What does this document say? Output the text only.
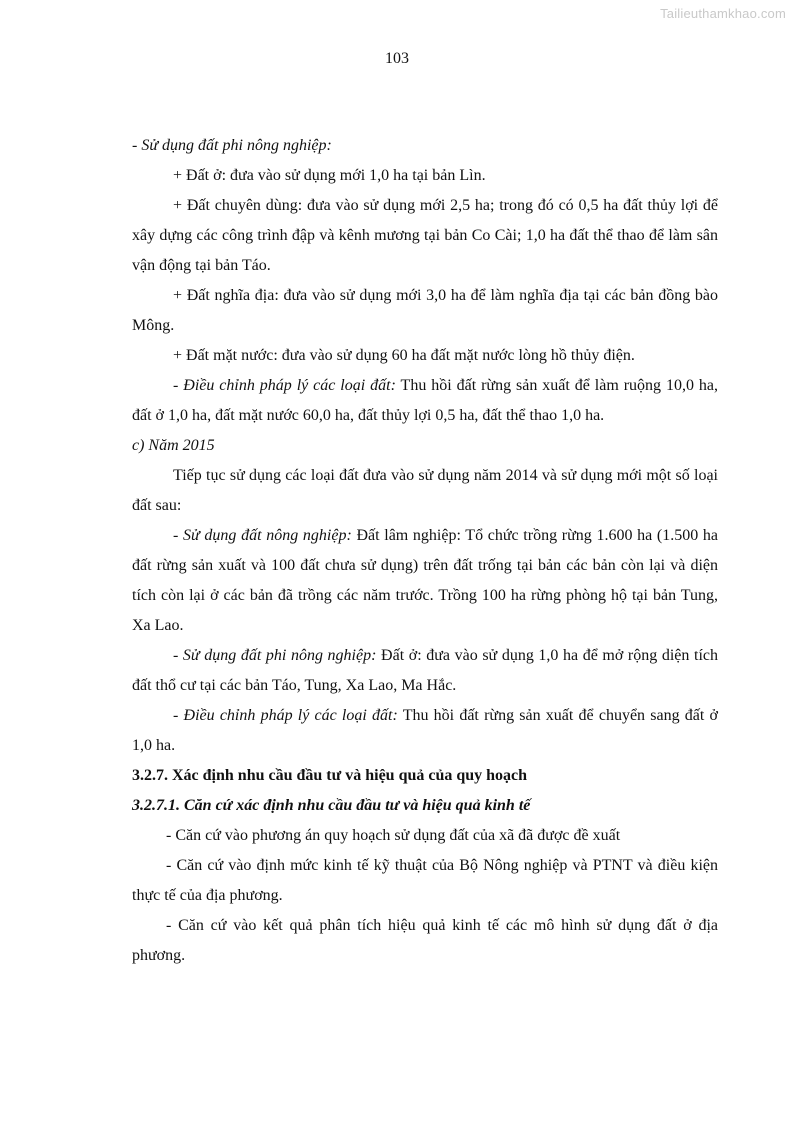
Tailieuthamkhao.com
103

- Sử dụng đất phi nông nghiệp:

+ Đất ở: đưa vào sử dụng mới 1,0 ha tại bản Lìn.

+ Đất chuyên dùng: đưa vào sử dụng mới 2,5 ha; trong đó có 0,5 ha đất thủy lợi để xây dựng các công trình đập và kênh mương tại bản Co Cài; 1,0 ha đất thể thao để làm sân vận động tại bản Táo.

+ Đất nghĩa địa: đưa vào sử dụng mới 3,0 ha để làm nghĩa địa tại các bản đồng bào Mông.

+ Đất mặt nước: đưa vào sử dụng 60 ha đất mặt nước lòng hồ thủy điện.

- Điều chỉnh pháp lý các loại đất: Thu hồi đất rừng sản xuất để làm ruộng 10,0 ha, đất ở 1,0 ha, đất mặt nước 60,0 ha, đất thủy lợi 0,5 ha, đất thể thao 1,0 ha.

c) Năm 2015

Tiếp tục sử dụng các loại đất đưa vào sử dụng năm 2014 và sử dụng mới một số loại đất sau:

- Sử dụng đất nông nghiệp: Đất lâm nghiệp: Tổ chức trồng rừng 1.600 ha (1.500 ha đất rừng sản xuất và 100 đất chưa sử dụng) trên đất trống tại bản các bản còn lại và diện tích còn lại ở các bản đã trồng các năm trước. Trồng 100 ha rừng phòng hộ tại bản Tung, Xa Lao.

- Sử dụng đất phi nông nghiệp: Đất ở: đưa vào sử dụng 1,0 ha để mở rộng diện tích đất thổ cư tại các bản Táo, Tung, Xa Lao, Ma Hắc.

- Điều chỉnh pháp lý các loại đất: Thu hồi đất rừng sản xuất để chuyển sang đất ở 1,0 ha.

3.2.7. Xác định nhu cầu đầu tư và hiệu quả của quy hoạch

3.2.7.1. Căn cứ xác định nhu cầu đầu tư và hiệu quả kinh tế

- Căn cứ vào phương án quy hoạch sử dụng đất của xã đã được đề xuất

- Căn cứ vào định mức kinh tế kỹ thuật của Bộ Nông nghiệp và PTNT và điều kiện thực tế của địa phương.

- Căn cứ vào kết quả phân tích hiệu quả kinh tế các mô hình sử dụng đất ở địa phương.
